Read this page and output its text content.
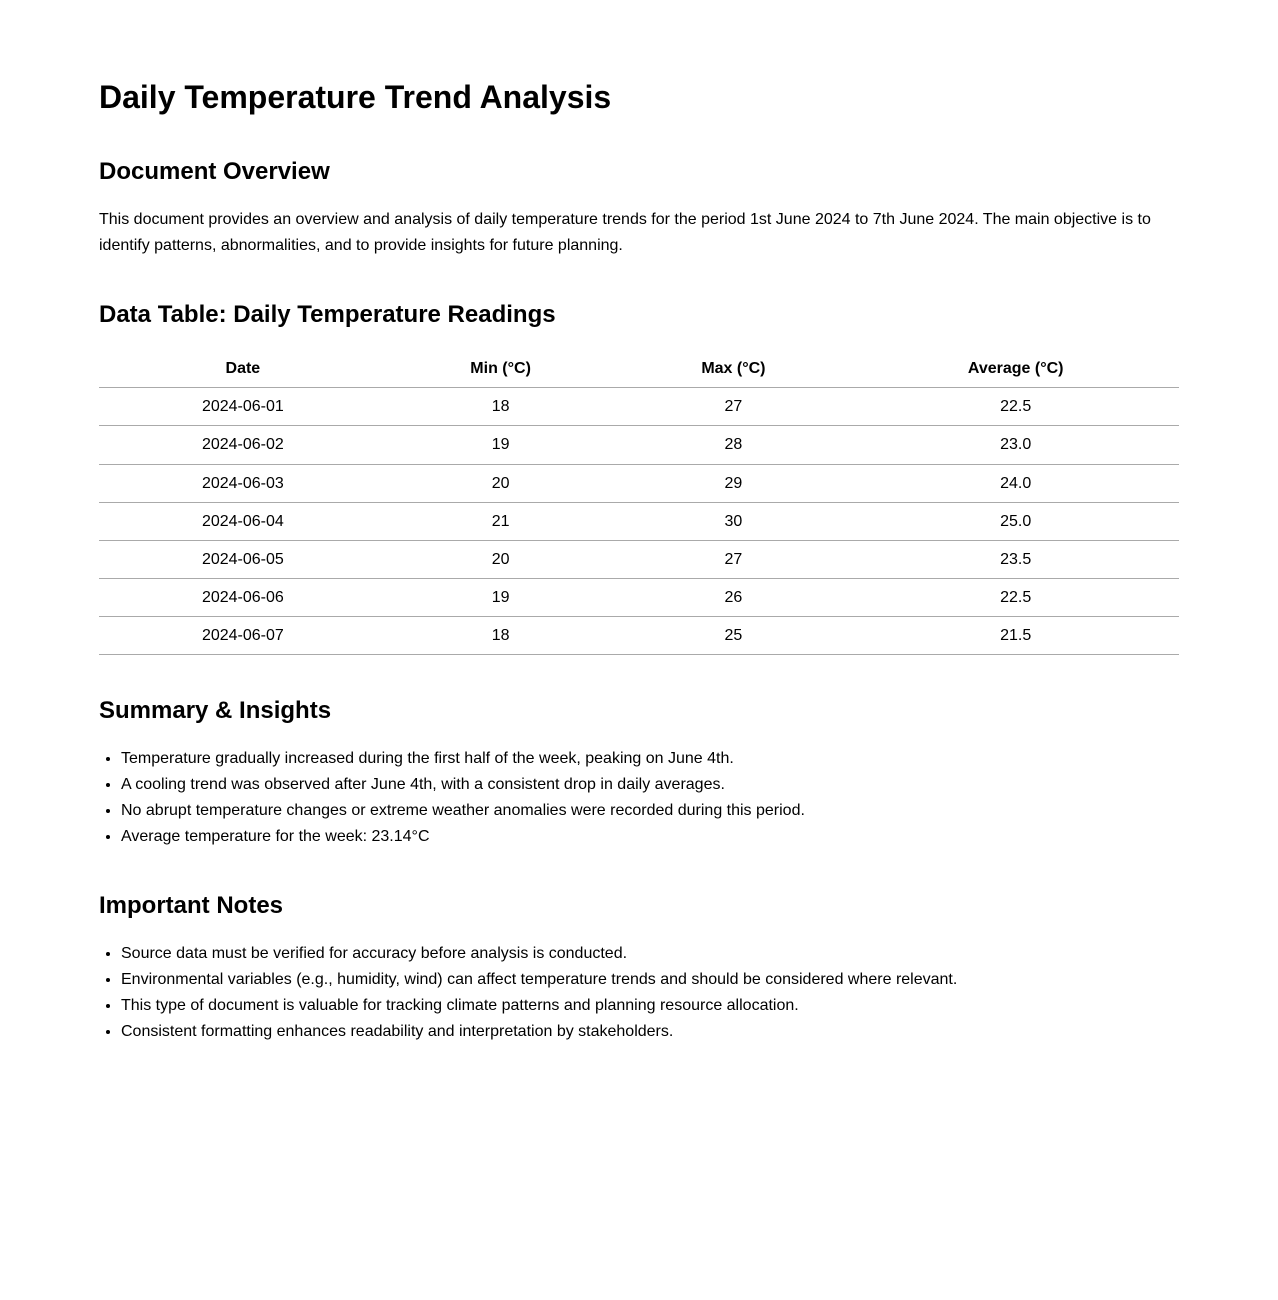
Daily Temperature Trend Analysis
Document Overview

This document provides an overview and analysis of daily temperature trends for the period 1st June 2024 to 7th June 2024. The main objective is to identify patterns, abnormalities, and to provide insights for future planning.

Data Table: Daily Temperature Readings
Date	Min (°C)	Max (°C)	Average (°C)
2024-06-01	18	27	22.5
2024-06-02	19	28	23.0
2024-06-03	20	29	24.0
2024-06-04	21	30	25.0
2024-06-05	20	27	23.5
2024-06-06	19	26	22.5
2024-06-07	18	25	21.5
Summary & Insights
• Temperature gradually increased during the first half of the week, peaking on June 4th.
• A cooling trend was observed after June 4th, with a consistent drop in daily averages.
• No abrupt temperature changes or extreme weather anomalies were recorded during this period.
• Average temperature for the week: 23.14°C
Important Notes
• Source data must be verified for accuracy before analysis is conducted.
• Environmental variables (e.g., humidity, wind) can affect temperature trends and should be considered where relevant.
• This type of document is valuable for tracking climate patterns and planning resource allocation.
• Consistent formatting enhances readability and interpretation by stakeholders.
